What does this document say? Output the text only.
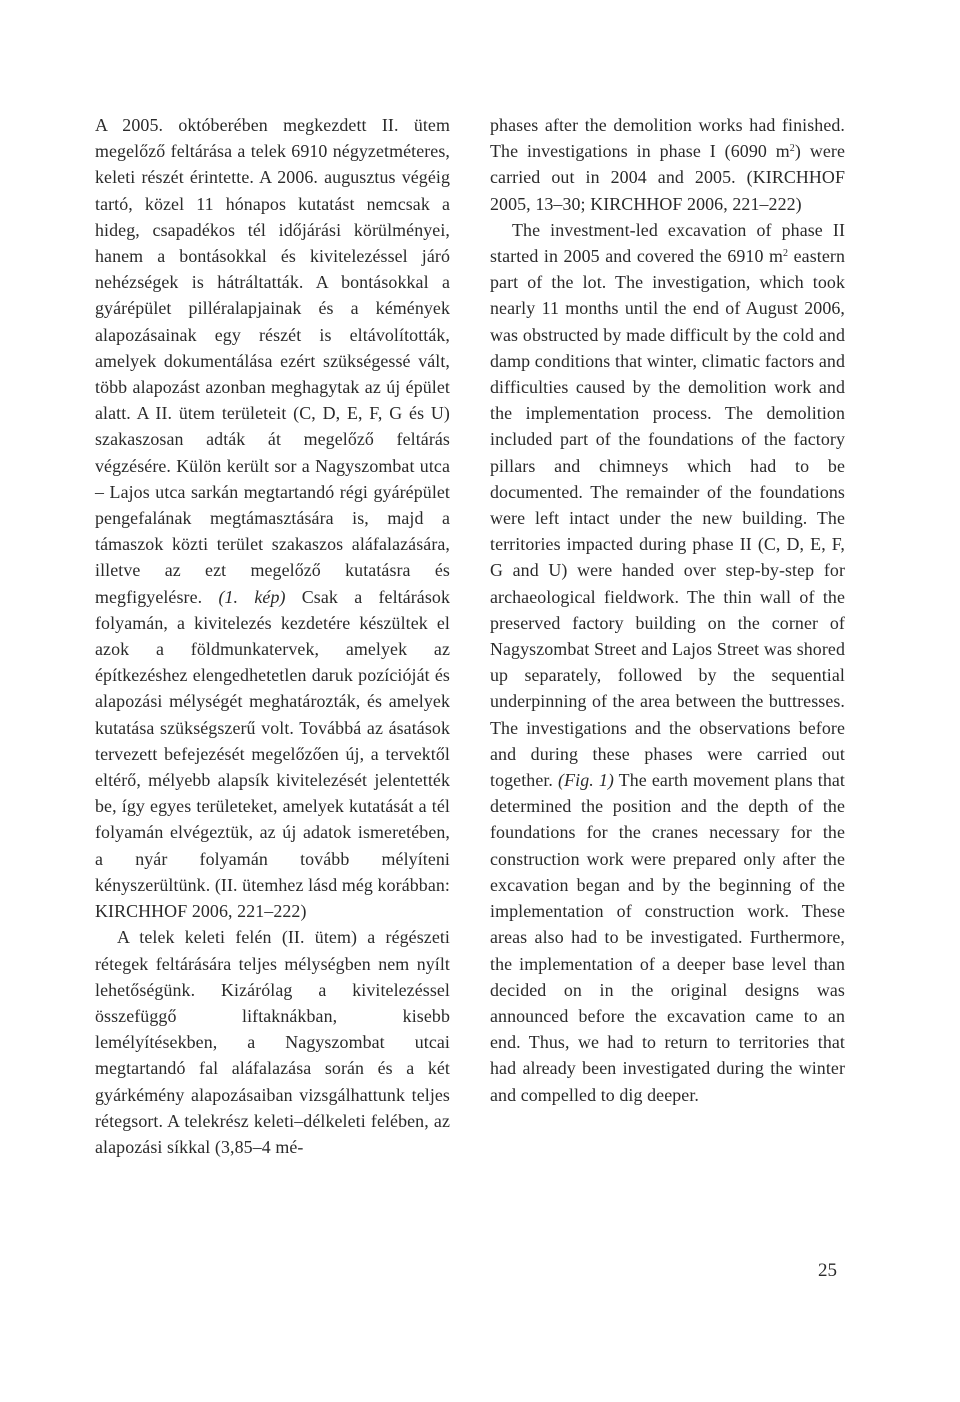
A 2005. októberében megkezdett II. ütem megelőző feltárása a telek 6910 négyzetméteres, keleti részét érintette. A 2006. augusztus végéig tartó, közel 11 hónapos kutatást nemcsak a hideg, csapadékos tél időjárási körülményei, hanem a bontásokkal és kivitelezéssel járó nehézségek is hátráltatták. A bontásokkal a gyárépület pilléralapjainak és a kémények alapozásainak egy részét is eltávolították, amelyek dokumentálása ezért szükségessé vált, több alapozást azonban meghagytak az új épület alatt. A II. ütem területeit (C, D, E, F, G és U) szakaszosan adták át megelőző feltárás végzésére. Külön került sor a Nagyszombat utca – Lajos utca sarkán megtartandó régi gyárépület pengefalának megtámasztására is, majd a támaszok közti terület szakaszos aláfalazására, illetve az ezt megelőző kutatásra és megfigyelésre. (1. kép) Csak a feltárások folyamán, a kivitelezés kezdetére készültek el azok a földmunkatervek, amelyek az építkezéshez elengedhetetlen daruk pozícióját és alapozási mélységét meghatározták, és amelyek kutatása szükségszerű volt. Továbbá az ásatások tervezett befejezését megelőzően új, a tervektől eltérő, mélyebb alapsík kivitelezését jelentették be, így egyes területeket, amelyek kutatását a tél folyamán elvégeztük, az új adatok ismeretében, a nyár folyamán tovább mélyíteni kényszerültünk. (II. ütemhez lásd még korábban: KIRCHHOF 2006, 221–222)

A telek keleti felén (II. ütem) a régészeti rétegek feltárására teljes mélységben nem nyílt lehetőségünk. Kizárólag a kivitelezéssel összefüggő liftaknákban, kisebb lemélyítésekben, a Nagyszombat utcai megtartandó fal aláfalazása során és a két gyárkémény alapozásaiban vizsgálhattunk teljes rétegsort. A telekrész keleti–délkeleti felében, az alapozási síkkal (3,85–4 mé-

phases after the demolition works had finished. The investigations in phase I (6090 $m^2$) were carried out in 2004 and 2005. (KIRCHHOF 2005, 13–30; KIRCHHOF 2006, 221–222)

The investment-led excavation of phase II started in 2005 and covered the 6910 $m^2$ eastern part of the lot. The investigation, which took nearly 11 months until the end of August 2006, was obstructed by made difficult by the cold and damp conditions that winter, climatic factors and difficulties caused by the demolition work and the implementation process. The demolition included part of the foundations of the factory pillars and chimneys which had to be documented. The remainder of the foundations were left intact under the new building. The territories impacted during phase II (C, D, E, F, G and U) were handed over step-by-step for archaeological fieldwork. The thin wall of the preserved factory building on the corner of Nagyszombat Street and Lajos Street was shored up separately, followed by the sequential underpinning of the area between the buttresses. The investigations and the observations before and during these phases were carried out together. (Fig. 1) The earth movement plans that determined the position and the depth of the foundations for the cranes necessary for the construction work were prepared only after the excavation began and by the beginning of the implementation of construction work. These areas also had to be investigated. Furthermore, the implementation of a deeper base level than decided on in the original designs was announced before the excavation came to an end. Thus, we had to return to territories that had already been investigated during the winter and compelled to dig deeper.

25
